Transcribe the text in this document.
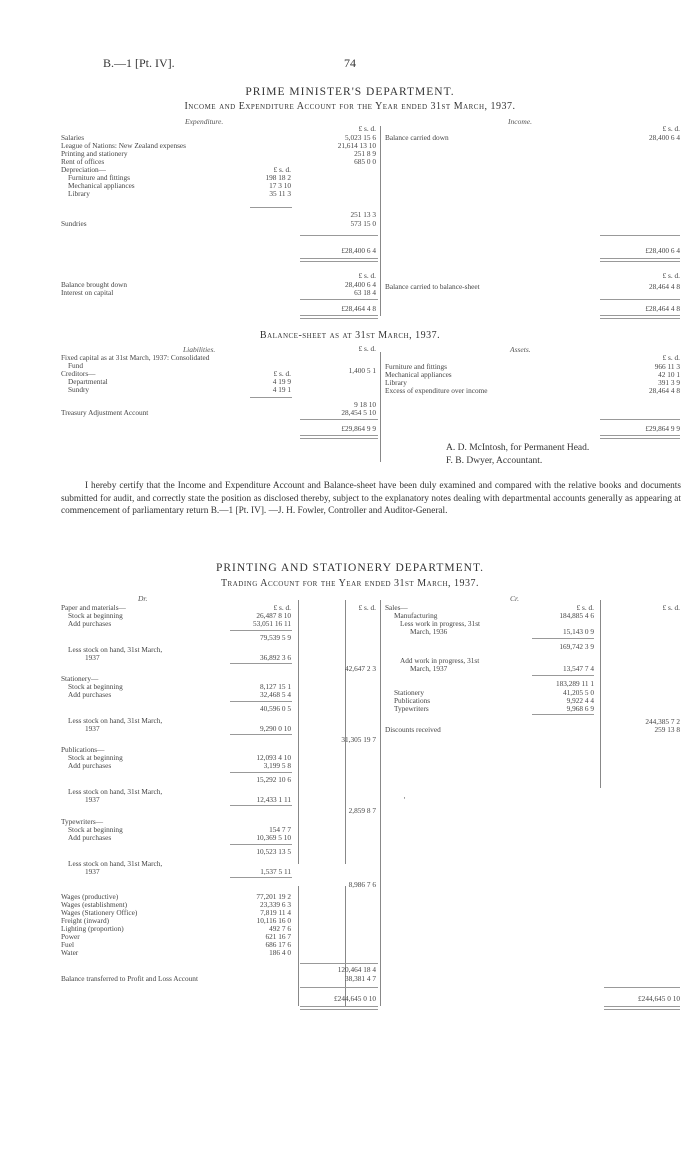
B.—1 [Pt. IV].	74
PRIME MINISTER'S DEPARTMENT.
Income and Expenditure Account for the Year ended 31st March, 1937.
Expenditure.	Income.
£ s. d.	£ s. d.
Salaries	5,023 15 6
League of Nations: New Zealand expenses	21,614 13 10
Printing and stationery	251 8 9
Rent of offices	685 0 0
Depreciation—	£ s. d.
Furniture and fittings	198 18 2
Mechanical appliances	17 3 10
Library	35 11 3
251 13 3
Sundries	573 15 0
£28,400 6 4
Balance carried down	28,400 6 4
£28,400 6 4
£ s. d.	£ s. d.
Balance brought down	28,400 6 4
Interest on capital	63 18 4
Balance carried to balance-sheet	28,464 4 8
£28,464 4 8	£28,464 4 8
Balance-sheet as at 31st March, 1937.
Liabilities.	Assets.
£ s. d.
£ s. d.
Fixed capital as at 31st March, 1937: Consolidated
Fund
1,400 5 1
Creditors—	£ s. d.
Departmental	4 19 9
Sundry	4 19 1
9 18 10
Treasury Adjustment Account	28,454 5 10
£29,864 9 9
Furniture and fittings	966 11 3
Mechanical appliances	42 10 1
Library	391 3 9
Excess of expenditure over income	28,464 4 8
£29,864 9 9
A. D. McIntosh, for Permanent Head.
F. B. Dwyer, Accountant.
I hereby certify that the Income and Expenditure Account and Balance-sheet have been duly examined and compared with the relative books and documents submitted for audit, and correctly state the position as disclosed thereby, subject to the explanatory notes dealing with departmental accounts generally as appearing at commencement of parliamentary return B.—1 [Pt. IV]. —J. H. Fowler, Controller and Auditor-General.
PRINTING AND STATIONERY DEPARTMENT.
Trading Account for the Year ended 31st March, 1937.
Dr.	Cr.
Paper and materials—	£ s. d.	£ s. d.
Stock at beginning	26,487 8 10
Add purchases	53,051 16 11
79,539 5 9
Less stock on hand, 31st March,
1937	36,892 3 6
42,647 2 3
Stationery—
Stock at beginning	8,127 15 1
Add purchases	32,468 5 4
40,596 0 5
Less stock on hand, 31st March,
1937	9,290 0 10
31,305 19 7
Publications—
Stock at beginning	12,093 4 10
Add purchases	3,199 5 8
15,292 10 6
Less stock on hand, 31st March,
1937	12,433 1 11
2,859 8 7
Typewriters—
Stock at beginning	154 7 7
Add purchases	10,369 5 10
10,523 13 5
Less stock on hand, 31st March,
1937	1,537 5 11
8,986 7 6
Wages (productive)	77,201 19 2
Wages (establishment)	23,339 6 3
Wages (Stationery Office)	7,819 11 4
Freight (inward)	10,116 16 0
Lighting (proportion)	492 7 6
Power	621 16 7
Fuel	686 17 6
Water	186 4 0
120,464 18 4
Balance transferred to Profit and Loss Account	38,381 4 7
£244,645 0 10
Sales—	£ s. d.	£ s. d.
Manufacturing	184,885 4 6
Less work in progress, 31st
March, 1936	15,143 0 9
169,742 3 9
Add work in progress, 31st
March, 1937	13,547 7 4
183,289 11 1
Stationery	41,205 5 0
Publications	9,922 4 4
Typewriters	9,968 6 9
244,385 7 2
Discounts received	259 13 8
·
£244,645 0 10
